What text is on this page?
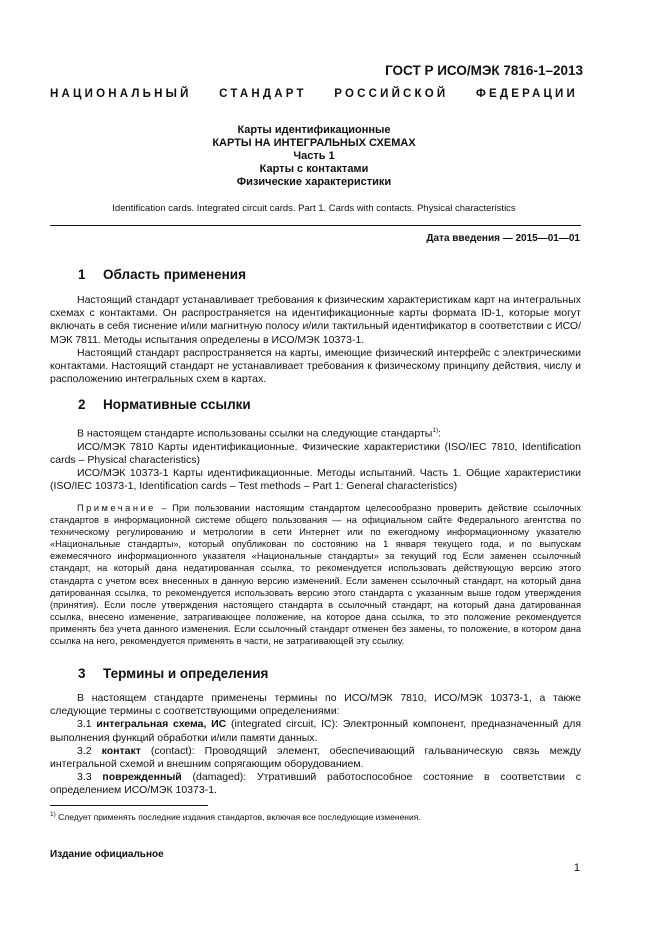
ГОСТ Р ИСО/МЭК 7816-1–2013
НАЦИОНАЛЬНЫЙ СТАНДАРТ РОССИЙСКОЙ ФЕДЕРАЦИИ
Карты идентификационные
КАРТЫ НА ИНТЕГРАЛЬНЫХ СХЕМАХ
Часть 1
Карты с контактами
Физические характеристики
Identification cards. Integrated circuit cards. Part 1. Cards with contacts. Physical characteristics
Дата введения — 2015—01—01
1 Область применения

Настоящий стандарт устанавливает требования к физическим характеристикам карт на интегральных схемах с контактами. Он распространяется на идентификационные карты формата ID-1, которые могут включать в себя тиснение и/или магнитную полосу и/или тактильный идентификатор в соответствии с ИСО/МЭК 7811. Методы испытания определены в ИСО/МЭК 10373-1.

Настоящий стандарт распространяется на карты, имеющие физический интерфейс с электрическими контактами. Настоящий стандарт не устанавливает требования к физическому принципу действия, числу и расположению интегральных схем в картах.

2 Нормативные ссылки

В настоящем стандарте использованы ссылки на следующие стандарты$^{1)}$:

ИСО/МЭК 7810 Карты идентификационные. Физические характеристики (ISO/IEC 7810, Identification cards – Physical characteristics)

ИСО/МЭК 10373-1 Карты идентификационные. Методы испытаний. Часть 1. Общие характеристики (ISO/IEC 10373-1, Identification cards – Test methods – Part 1: General characteristics)

Примечание – При пользовании настоящим стандартом целесообразно проверить действие ссылочных стандартов в информационной системе общего пользования — на официальном сайте Федерального агентства по техническому регулированию и метрологии в сети Интернет или по ежегодному информационному указателю «Национальные стандарты», который опубликован по состоянию на 1 января текущего года, и по выпускам ежемесячного информационного указателя «Национальные стандарты» за текущий год Если заменен ссылочный стандарт, на который дана недатированная ссылка, то рекомендуется использовать действующую версию этого стандарта с учетом всех внесенных в данную версию изменений. Если заменен ссылочный стандарт, на который дана датированная ссылка, то рекомендуется использовать версию этого стандарта с указанным выше годом утверждения (принятия). Если после утверждения настоящего стандарта в ссылочный стандарт, на который дана датированная ссылка, внесено изменение, затрагивающее положение, на которое дана ссылка, то это положение рекомендуется применять без учета данного изменения. Если ссылочный стандарт отменен без замены, то положение, в котором дана ссылка на него, рекомендуется применять в части, не затрагивающей эту ссылку.

3 Термины и определения

В настоящем стандарте применены термины по ИСО/МЭК 7810, ИСО/МЭК 10373-1, а также следующие термины с соответствующими определениями:

3.1 интегральная схема, ИС (integrated circuit, IC): Электронный компонент, предназначенный для выполнения функций обработки и/или памяти данных.

3.2 контакт (contact): Проводящий элемент, обеспечивающий гальваническую связь между интегральной схемой и внешним сопрягающим оборудованием.

3.3 поврежденный (damaged): Утративший работоспособное состояние в соответствии с определением ИСО/МЭК 10373-1.

$^{1)}$ Следует применять последние издания стандартов, включая все последующие изменения.
Издание официальное
1
